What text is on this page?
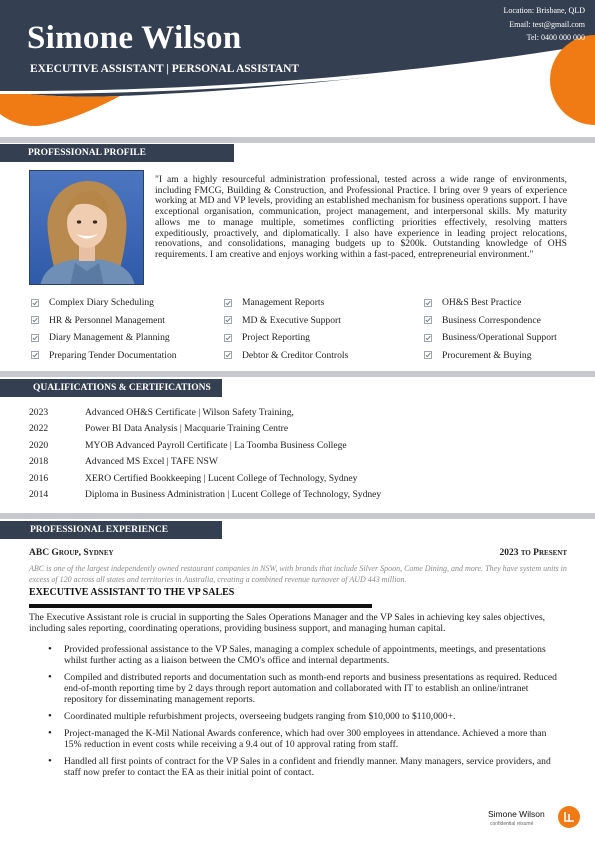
Simone Wilson
EXECUTIVE ASSISTANT | PERSONAL ASSISTANT
Location: Brisbane, QLD
Email: test@gmail.com
Tel: 0400 000 000
PROFESSIONAL PROFILE
"I am a highly resourceful administration professional, tested across a wide range of environments, including FMCG, Building & Construction, and Professional Practice. I bring over 9 years of experience working at MD and VP levels, providing an established mechanism for business operations support. I have exceptional organisation, communication, project management, and interpersonal skills. My maturity allows me to manage multiple, sometimes conflicting priorities effectively, resolving matters expeditiously, proactively, and diplomatically. I also have experience in leading project relocations, renovations, and consolidations, managing budgets up to $200k. Outstanding knowledge of OHS requirements. I am creative and enjoys working within a fast-paced, entrepreneurial environment."
Complex Diary Scheduling	Management Reports	OH&S Best Practice
HR & Personnel Management	MD & Executive Support	Business Correspondence
Diary Management & Planning	Project Reporting	Business/Operational Support
Preparing Tender Documentation	Debtor & Creditor Controls	Procurement & Buying
QUALIFICATIONS & CERTIFICATIONS
2023	Advanced OH&S Certificate | Wilson Safety Training,
2022	Power BI Data Analysis | Macquarie Training Centre
2020	MYOB Advanced Payroll Certificate | La Toomba Business College
2018	Advanced MS Excel | TAFE NSW
2016	XERO Certified Bookkeeping | Lucent College of Technology, Sydney
2014	Diploma in Business Administration | Lucent College of Technology, Sydney
PROFESSIONAL EXPERIENCE
ABC Group, Sydney	2023 to Present
ABC is one of the largest independently owned restaurant companies in NSW, with brands that include Silver Spoon, Come Dining, and more. They have system units in excess of 120 across all states and territories in Australia, creating a combined revenue turnover of AUD 443 million.
EXECUTIVE ASSISTANT TO THE VP SALES
The Executive Assistant role is crucial in supporting the Sales Operations Manager and the VP Sales in achieving key sales objectives, including sales reporting, coordinating operations, providing business support, and managing human capital.
• Provided professional assistance to the VP Sales, managing a complex schedule of appointments, meetings, and presentations whilst further acting as a liaison between the CMO's office and internal departments.
• Compiled and distributed reports and documentation such as month-end reports and business presentations as required. Reduced end-of-month reporting time by 2 days through report automation and collaborated with IT to establish an online/intranet repository for disseminating management reports.
• Coordinated multiple refurbishment projects, overseeing budgets ranging from $10,000 to $110,000+.
• Project-managed the K-Mil National Awards conference, which had over 300 employees in attendance. Achieved a more than 15% reduction in event costs while receiving a 9.4 out of 10 approval rating from staff.
• Handled all first points of contract for the VP Sales in a confident and friendly manner. Many managers, service providers, and staff now prefer to contact the EA as their initial point of contact.
Simone Wilson
confidential résumé
